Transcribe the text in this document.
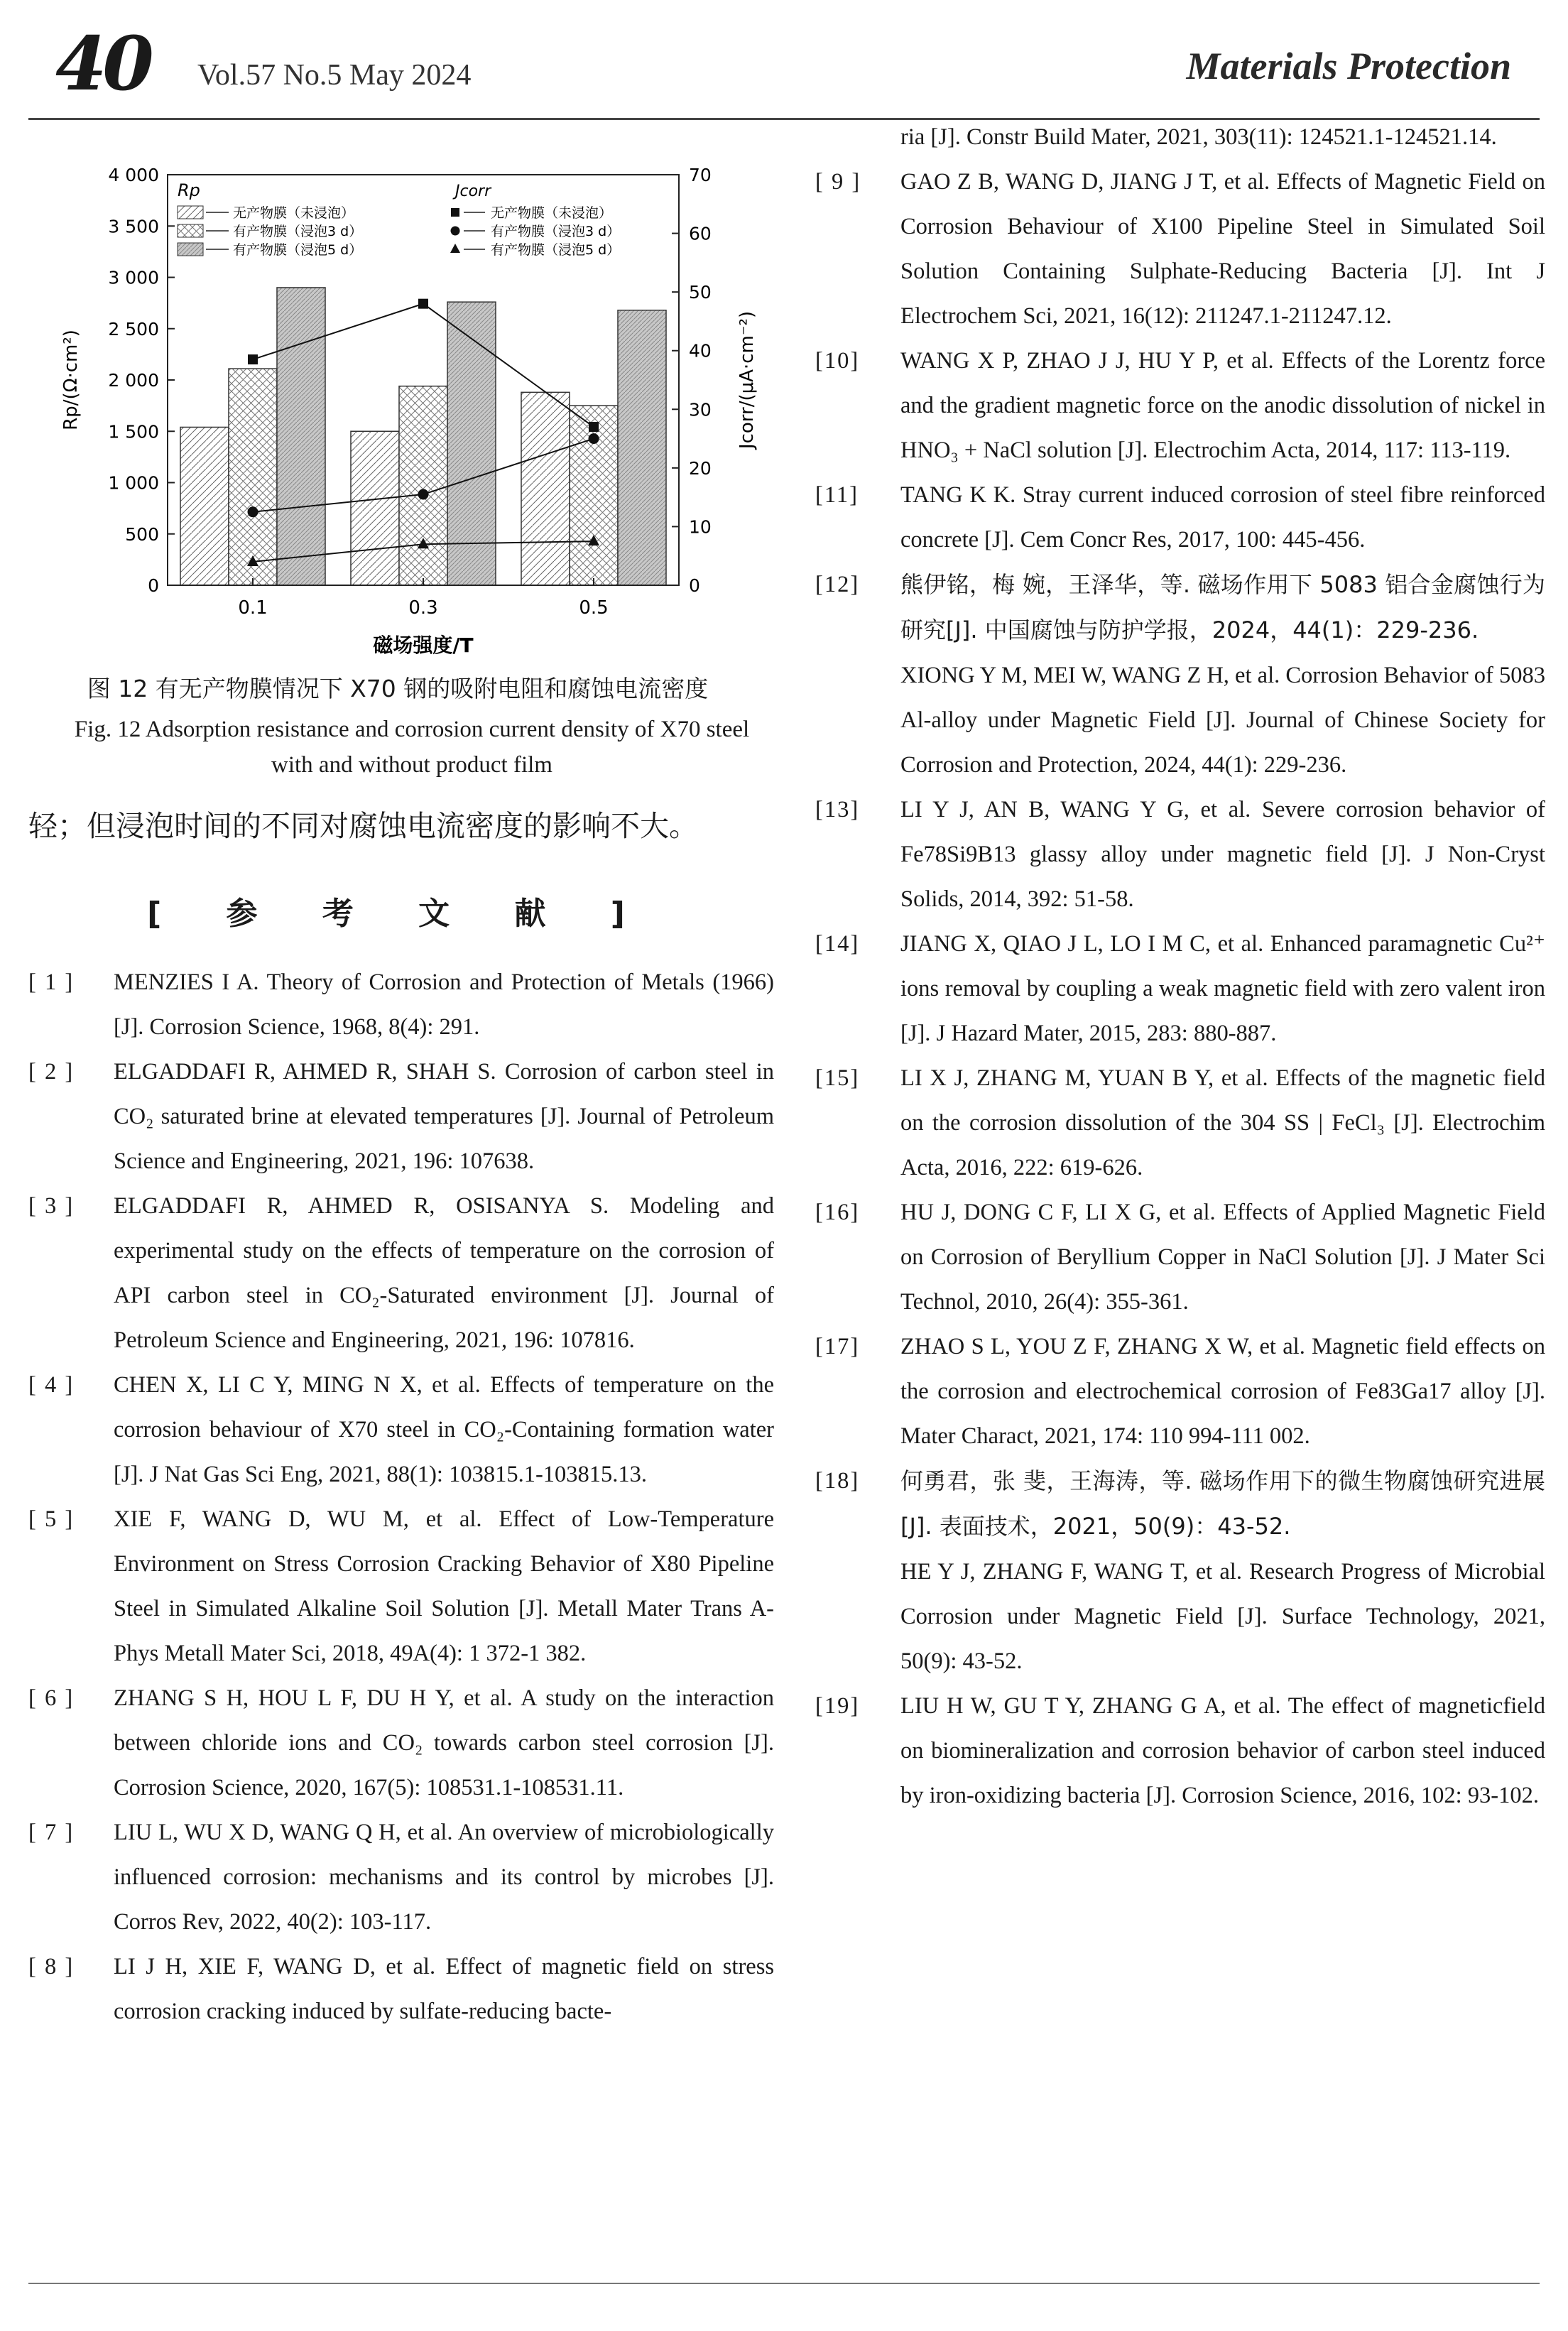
40 Vol.57 No.5 May 2024	Materials Protection
0
500
1 000
1 500
2 000
2 500
3 000
3 500
4 000
0
10
20
30
40
50
60
70
0.1	0.3	0.5
Rp	Jcorr
无产物膜（未浸泡）
有产物膜（浸泡3 d）
有产物膜（浸泡5 d）
无产物膜（未浸泡）
有产物膜（浸泡3 d）
有产物膜（浸泡5 d）
磁场强度/T
Rp/(Ω·cm²)	Jcorr/(μA·cm⁻²)
图 12 有无产物膜情况下 X70 钢的吸附电阻和腐蚀电流密度
Fig. 12 Adsorption resistance and corrosion current density of X70 steel with and without product film
轻；但浸泡时间的不同对腐蚀电流密度的影响不大。
[ 参 考 文 献 ]
[ 1 ]	MENZIES I A. Theory of Corrosion and Protection of Metals (1966) [J]. Corrosion Science, 1968, 8(4): 291.
[ 2 ]	ELGADDAFI R, AHMED R, SHAH S. Corrosion of carbon steel in CO₂ saturated brine at elevated temperatures [J]. Journal of Petroleum Science and Engineering, 2021, 196: 107638.
[ 3 ]	ELGADDAFI R, AHMED R, OSISANYA S. Modeling and experimental study on the effects of temperature on the corrosion of API carbon steel in CO₂-Saturated environment [J]. Journal of Petroleum Science and Engineering, 2021, 196: 107816.
[ 4 ]	CHEN X, LI C Y, MING N X, et al. Effects of temperature on the corrosion behaviour of X70 steel in CO₂-Containing formation water [J]. J Nat Gas Sci Eng, 2021, 88(1): 103815.1-103815.13.
[ 5 ]	XIE F, WANG D, WU M, et al. Effect of Low-Temperature Environment on Stress Corrosion Cracking Behavior of X80 Pipeline Steel in Simulated Alkaline Soil Solution [J]. Metall Mater Trans A-Phys Metall Mater Sci, 2018, 49A(4): 1 372-1 382.
[ 6 ]	ZHANG S H, HOU L F, DU H Y, et al. A study on the interaction between chloride ions and CO₂ towards carbon steel corrosion [J]. Corrosion Science, 2020, 167(5): 108531.1-108531.11.
[ 7 ]	LIU L, WU X D, WANG Q H, et al. An overview of microbiologically influenced corrosion: mechanisms and its control by microbes [J]. Corros Rev, 2022, 40(2): 103-117.
[ 8 ]	LI J H, XIE F, WANG D, et al. Effect of magnetic field on stress corrosion cracking induced by sulfate-reducing bacte-
ria [J]. Constr Build Mater, 2021, 303(11): 124521.1-124521.14.
[ 9 ]	GAO Z B, WANG D, JIANG J T, et al. Effects of Magnetic Field on Corrosion Behaviour of X100 Pipeline Steel in Simulated Soil Solution Containing Sulphate-Reducing Bacteria [J]. Int J Electrochem Sci, 2021, 16(12): 211247.1-211247.12.
[10]	WANG X P, ZHAO J J, HU Y P, et al. Effects of the Lorentz force and the gradient magnetic force on the anodic dissolution of nickel in HNO₃ + NaCl solution [J]. Electrochim Acta, 2014, 117: 113-119.
[11]	TANG K K. Stray current induced corrosion of steel fibre reinforced concrete [J]. Cem Concr Res, 2017, 100: 445-456.
[12]	熊伊铭，梅 婉，王泽华，等. 磁场作用下 5083 铝合金腐蚀行为研究[J]. 中国腐蚀与防护学报，2024，44(1)：229-236.
XIONG Y M, MEI W, WANG Z H, et al. Corrosion Behavior of 5083 Al-alloy under Magnetic Field [J]. Journal of Chinese Society for Corrosion and Protection, 2024, 44(1): 229-236.
[13]	LI Y J, AN B, WANG Y G, et al. Severe corrosion behavior of Fe78Si9B13 glassy alloy under magnetic field [J]. J Non-Cryst Solids, 2014, 392: 51-58.
[14]	JIANG X, QIAO J L, LO I M C, et al. Enhanced paramagnetic Cu²⁺ ions removal by coupling a weak magnetic field with zero valent iron [J]. J Hazard Mater, 2015, 283: 880-887.
[15]	LI X J, ZHANG M, YUAN B Y, et al. Effects of the magnetic field on the corrosion dissolution of the 304 SS | FeCl₃ [J]. Electrochim Acta, 2016, 222: 619-626.
[16]	HU J, DONG C F, LI X G, et al. Effects of Applied Magnetic Field on Corrosion of Beryllium Copper in NaCl Solution [J]. J Mater Sci Technol, 2010, 26(4): 355-361.
[17]	ZHAO S L, YOU Z F, ZHANG X W, et al. Magnetic field effects on the corrosion and electrochemical corrosion of Fe83Ga17 alloy [J]. Mater Charact, 2021, 174: 110 994-111 002.
[18]	何勇君，张 斐，王海涛，等. 磁场作用下的微生物腐蚀研究进展[J]. 表面技术，2021，50(9)：43-52.
HE Y J, ZHANG F, WANG T, et al. Research Progress of Microbial Corrosion under Magnetic Field [J]. Surface Technology, 2021, 50(9): 43-52.
[19]	LIU H W, GU T Y, ZHANG G A, et al. The effect of magneticfield on biomineralization and corrosion behavior of carbon steel induced by iron-oxidizing bacteria [J]. Corrosion Science, 2016, 102: 93-102.
